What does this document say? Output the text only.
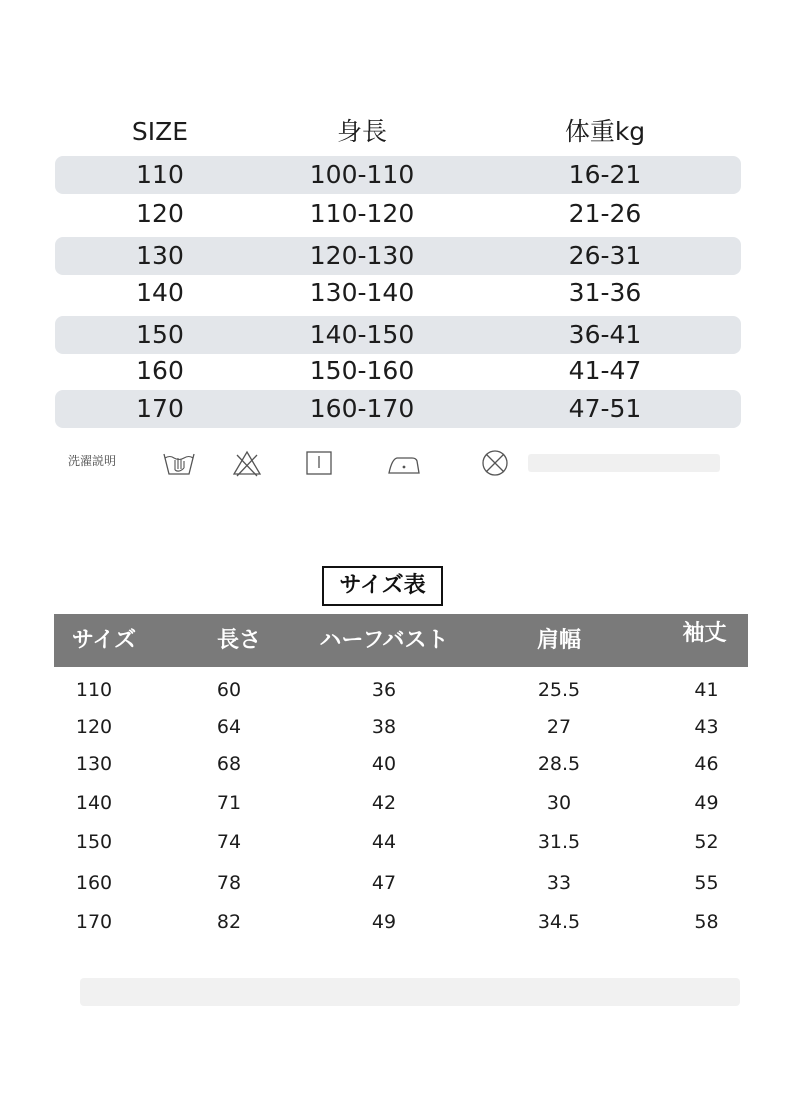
SIZE	身長	体重kg
110	100-110	16-21
120	110-120	21-26
130	120-130	26-31
140	130-140	31-36
150	140-150	36-41
160	150-160	41-47
170	160-170	47-51
洗濯説明
サイズ表
サイズ	長さ	ハーフバスト	肩幅	袖丈
110	60	36	25.5	41
120	64	38	27	43
130	68	40	28.5	46
140	71	42	30	49
150	74	44	31.5	52
160	78	47	33	55
170	82	49	34.5	58
